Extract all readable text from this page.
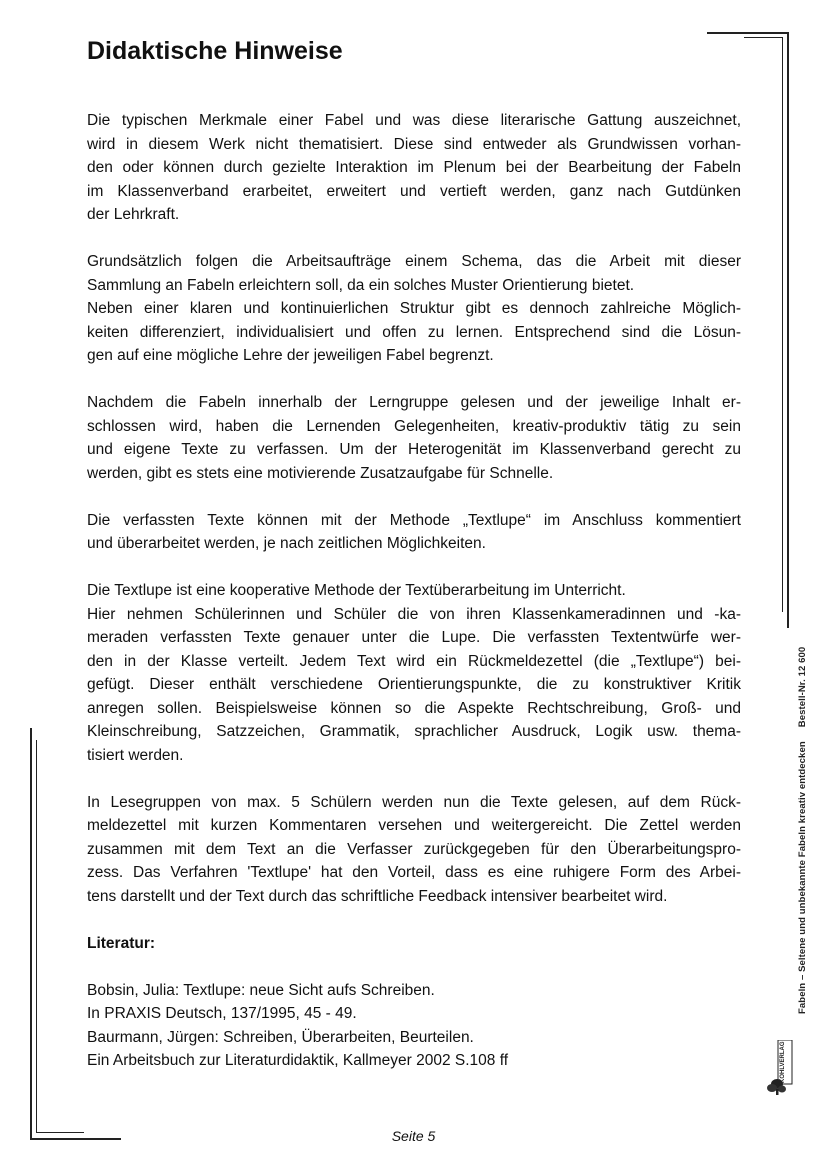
Didaktische Hinweise

Die typischen Merkmale einer Fabel und was diese literarische Gattung auszeichnet,
wird in diesem Werk nicht thematisiert. Diese sind entweder als Grundwissen vorhan-
den oder können durch gezielte Interaktion im Plenum bei der Bearbeitung der Fabeln
im Klassenverband erarbeitet, erweitert und vertieft werden, ganz nach Gutdünken
der Lehrkraft.

Grundsätzlich folgen die Arbeitsaufträge einem Schema, das die Arbeit mit dieser
Sammlung an Fabeln erleichtern soll, da ein solches Muster Orientierung bietet.
Neben einer klaren und kontinuierlichen Struktur gibt es dennoch zahlreiche Möglich-
keiten differenziert, individualisiert und offen zu lernen. Entsprechend sind die Lösun-
gen auf eine mögliche Lehre der jeweiligen Fabel begrenzt.

Nachdem die Fabeln innerhalb der Lerngruppe gelesen und der jeweilige Inhalt er-
schlossen wird, haben die Lernenden Gelegenheiten, kreativ-produktiv tätig zu sein
und eigene Texte zu verfassen. Um der Heterogenität im Klassenverband gerecht zu
werden, gibt es stets eine motivierende Zusatzaufgabe für Schnelle.

Die verfassten Texte können mit der Methode „Textlupe“ im Anschluss kommentiert
und überarbeitet werden, je nach zeitlichen Möglichkeiten.

Die Textlupe ist eine kooperative Methode der Textüberarbeitung im Unterricht.
Hier nehmen Schülerinnen und Schüler die von ihren Klassenkameradinnen und -ka-
meraden verfassten Texte genauer unter die Lupe. Die verfassten Textentwürfe wer-
den in der Klasse verteilt. Jedem Text wird ein Rückmeldezettel (die „Textlupe“) bei-
gefügt. Dieser enthält verschiedene Orientierungspunkte, die zu konstruktiver Kritik
anregen sollen. Beispielsweise können so die Aspekte Rechtschreibung, Groß- und
Kleinschreibung, Satzzeichen, Grammatik, sprachlicher Ausdruck, Logik usw. thema-
tisiert werden.

In Lesegruppen von max. 5 Schülern werden nun die Texte gelesen, auf dem Rück-
meldezettel mit kurzen Kommentaren versehen und weitergereicht. Die Zettel werden
zusammen mit dem Text an die Verfasser zurückgegeben für den Überarbeitungspro-
zess. Das Verfahren 'Textlupe' hat den Vorteil, dass es eine ruhigere Form des Arbei-
tens darstellt und der Text durch das schriftliche Feedback intensiver bearbeitet wird.

Literatur:

Bobsin, Julia: Textlupe: neue Sicht aufs Schreiben.
In PRAXIS Deutsch, 137/1995, 45 - 49.
Baurmann, Jürgen: Schreiben, Überarbeiten, Beurteilen.
Ein Arbeitsbuch zur Literaturdidaktik, Kallmeyer 2002 S.108 ff
Fabeln – Seltene und unbekannte Fabeln kreativ entdeckenBestell-Nr. 12 600
KOHLVERLAG
Seite 5
